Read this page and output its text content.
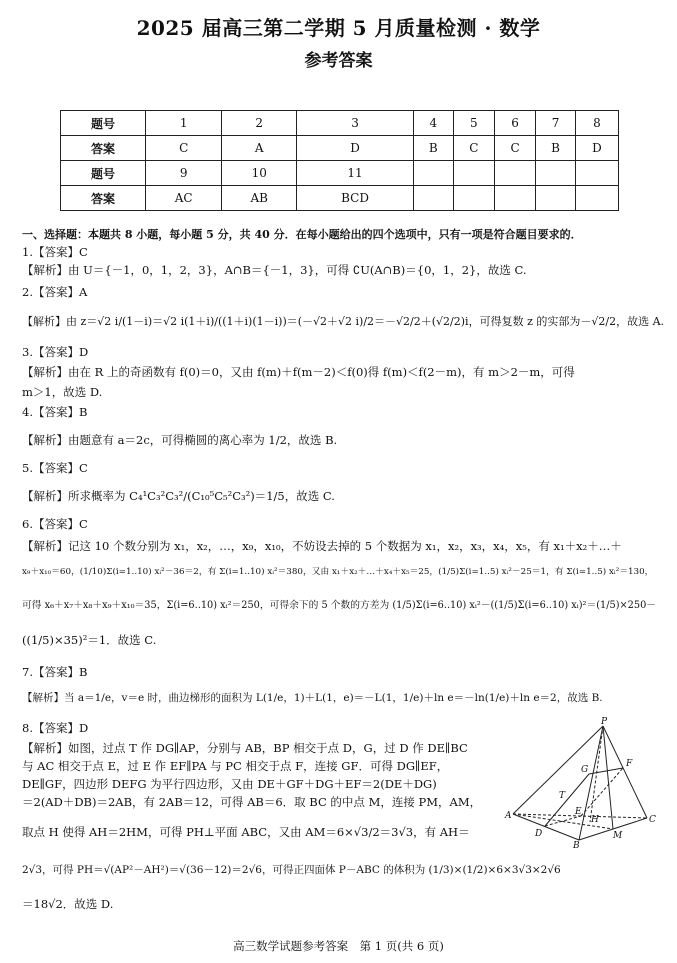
2025 届高三第二学期 5 月质量检测 · 数学
参考答案
题号	1	2	3	4	5	6	7	8
答案	C	A	D	B	C	C	B	D
题号	9	10	11					
答案	AC	AB	BCD					
一、选择题：本题共 8 小题，每小题 5 分，共 40 分．在每小题给出的四个选项中，只有一项是符合题目要求的．
1.【答案】C
【解析】由 U＝{－1，0，1，2，3}，A∩B＝{－1，3}，可得 ∁U(A∩B)＝{0，1，2}，故选 C.
2.【答案】A
【解析】由 z＝√2 i/(1－i)＝√2 i(1＋i)/((1＋i)(1－i))＝(－√2＋√2 i)/2＝－√2/2＋(√2/2)i，可得复数 z 的实部为－√2/2，故选 A.
3.【答案】D
【解析】由在 R 上的奇函数有 f(0)＝0，又由 f(m)＋f(m－2)＜f(0)得 f(m)＜f(2－m)，有 m＞2－m，可得
m＞1，故选 D.
4.【答案】B
【解析】由题意有 a＝2c，可得椭圆的离心率为 1/2，故选 B.
5.【答案】C
【解析】所求概率为 C₄¹C₃²C₃²/(C₁₀⁵C₅²C₃²)＝1/5，故选 C.
6.【答案】C
【解析】记这 10 个数分别为 x₁，x₂，…，x₉，x₁₀，不妨设去掉的 5 个数据为 x₁，x₂，x₃，x₄，x₅，有 x₁＋x₂＋…＋
x₉＋x₁₀＝60，(1/10)Σ(i=1..10) xᵢ²－36＝2，有 Σ(i=1..10) xᵢ²＝380，又由 x₁＋x₂＋…＋x₄＋x₅＝25，(1/5)Σ(i=1..5) xᵢ²－25＝1，有 Σ(i=1..5) xᵢ²＝130，
可得 x₆＋x₇＋x₈＋x₉＋x₁₀＝35，Σ(i=6..10) xᵢ²＝250，可得余下的 5 个数的方差为 (1/5)Σ(i=6..10) xᵢ²－((1/5)Σ(i=6..10) xᵢ)²＝(1/5)×250－
((1/5)×35)²＝1．故选 C.
7.【答案】B
【解析】当 a＝1/e，v＝e 时，曲边梯形的面积为 L(1/e，1)＋L(1，e)＝－L(1，1/e)＋ln e＝－ln(1/e)＋ln e＝2，故选 B.
8.【答案】D
【解析】如图，过点 T 作 DG∥AP，分别与 AB，BP 相交于点 D，G，过 D 作 DE∥BC
与 AC 相交于点 E，过 E 作 EF∥PA 与 PC 相交于点 F，连接 GF．可得 DG∥EF，
DE∥GF，四边形 DEFG 为平行四边形，又由 DE＋GF＋DG＋EF＝2(DE＋DG)
＝2(AD＋DB)＝2AB，有 2AB＝12，可得 AB＝6．取 BC 的中点 M，连接 PM，AM，
取点 H 使得 AH＝2HM，可得 PH⊥平面 ABC，又由 AM＝6×√3/2＝3√3，有 AH＝
2√3，可得 PH＝√(AP²－AH²)＝√(36－12)＝2√6，可得正四面体 P－ABC 的体积为 (1/3)×(1/2)×6×3√3×2√6
＝18√2．故选 D.
P
F
G
T
A
D
E
H
B
M
C
高三数学试题参考答案　第 1 页(共 6 页)
